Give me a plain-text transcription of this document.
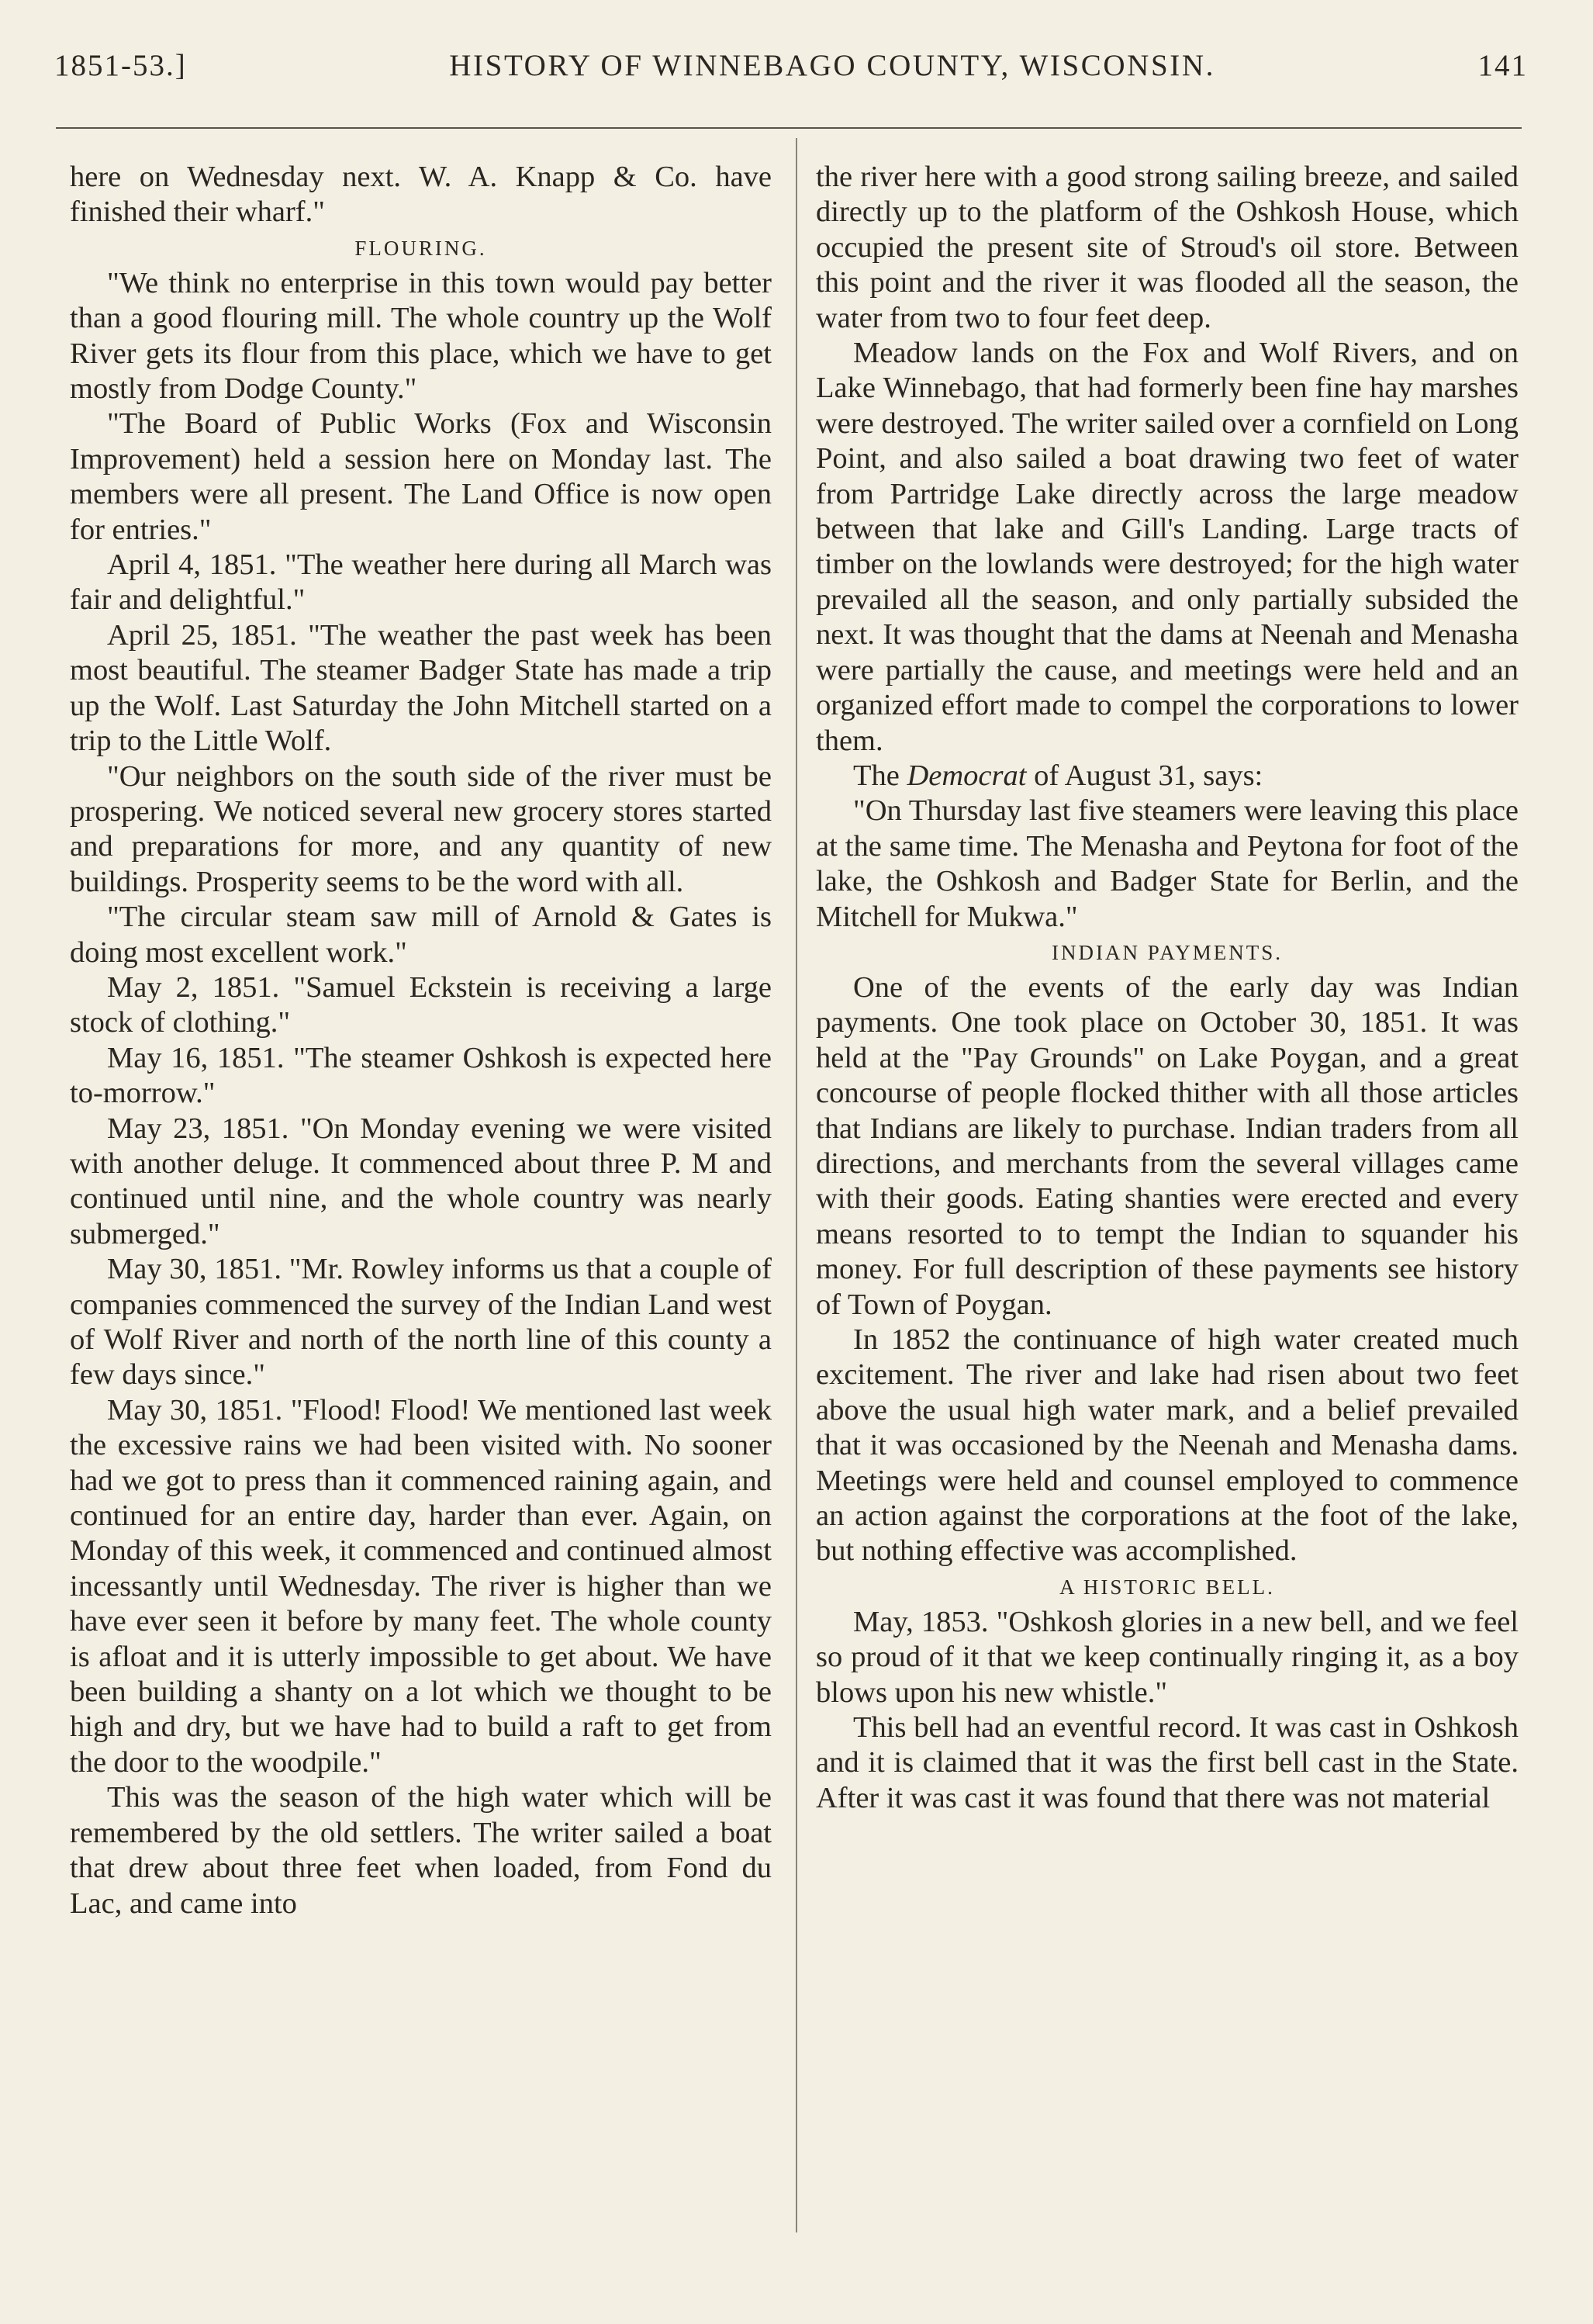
1851-53.]	HISTORY OF WINNEBAGO COUNTY, WISCONSIN.	141

here on Wednesday next. W. A. Knapp & Co. have finished their wharf."

FLOURING.

"We think no enterprise in this town would pay better than a good flouring mill. The whole country up the Wolf River gets its flour from this place, which we have to get mostly from Dodge County."

"The Board of Public Works (Fox and Wisconsin Improvement) held a session here on Monday last. The members were all present. The Land Office is now open for entries."

April 4, 1851. "The weather here during all March was fair and delightful."

April 25, 1851. "The weather the past week has been most beautiful. The steamer Badger State has made a trip up the Wolf. Last Saturday the John Mitchell started on a trip to the Little Wolf.

"Our neighbors on the south side of the river must be prospering. We noticed several new grocery stores started and preparations for more, and any quantity of new buildings. Prosperity seems to be the word with all.

"The circular steam saw mill of Arnold & Gates is doing most excellent work."

May 2, 1851. "Samuel Eckstein is receiving a large stock of clothing."

May 16, 1851. "The steamer Oshkosh is expected here to-morrow."

May 23, 1851. "On Monday evening we were visited with another deluge. It commenced about three P. M and continued until nine, and the whole country was nearly submerged."

May 30, 1851. "Mr. Rowley informs us that a couple of companies commenced the survey of the Indian Land west of Wolf River and north of the north line of this county a few days since."

May 30, 1851. "Flood! Flood! We mentioned last week the excessive rains we had been visited with. No sooner had we got to press than it commenced raining again, and continued for an entire day, harder than ever. Again, on Monday of this week, it commenced and continued almost incessantly until Wednesday. The river is higher than we have ever seen it before by many feet. The whole county is afloat and it is utterly impossible to get about. We have been building a shanty on a lot which we thought to be high and dry, but we have had to build a raft to get from the door to the woodpile."

This was the season of the high water which will be remembered by the old settlers. The writer sailed a boat that drew about three feet when loaded, from Fond du Lac, and came into

the river here with a good strong sailing breeze, and sailed directly up to the platform of the Oshkosh House, which occupied the present site of Stroud's oil store. Between this point and the river it was flooded all the season, the water from two to four feet deep.

Meadow lands on the Fox and Wolf Rivers, and on Lake Winnebago, that had formerly been fine hay marshes were destroyed. The writer sailed over a cornfield on Long Point, and also sailed a boat drawing two feet of water from Partridge Lake directly across the large meadow between that lake and Gill's Landing. Large tracts of timber on the lowlands were destroyed; for the high water prevailed all the season, and only partially subsided the next. It was thought that the dams at Neenah and Menasha were partially the cause, and meetings were held and an organized effort made to compel the corporations to lower them.

The Democrat of August 31, says:

"On Thursday last five steamers were leaving this place at the same time. The Menasha and Peytona for foot of the lake, the Oshkosh and Badger State for Berlin, and the Mitchell for Mukwa."

INDIAN PAYMENTS.

One of the events of the early day was Indian payments. One took place on October 30, 1851. It was held at the "Pay Grounds" on Lake Poygan, and a great concourse of people flocked thither with all those articles that Indians are likely to purchase. Indian traders from all directions, and merchants from the several villages came with their goods. Eating shanties were erected and every means resorted to to tempt the Indian to squander his money. For full description of these payments see history of Town of Poygan.

In 1852 the continuance of high water created much excitement. The river and lake had risen about two feet above the usual high water mark, and a belief prevailed that it was occasioned by the Neenah and Menasha dams. Meetings were held and counsel employed to commence an action against the corporations at the foot of the lake, but nothing effective was accomplished.

A HISTORIC BELL.

May, 1853. "Oshkosh glories in a new bell, and we feel so proud of it that we keep continually ringing it, as a boy blows upon his new whistle."

This bell had an eventful record. It was cast in Oshkosh and it is claimed that it was the first bell cast in the State. After it was cast it was found that there was not material
